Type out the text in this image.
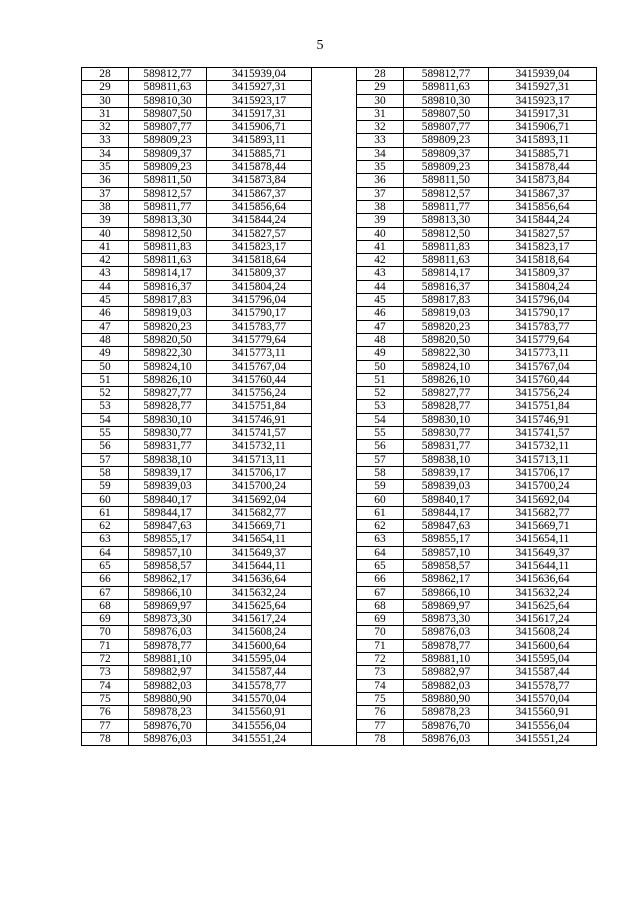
5
28	589812,77	3415939,04		28	589812,77	3415939,04
29	589811,63	3415927,31		29	589811,63	3415927,31
30	589810,30	3415923,17		30	589810,30	3415923,17
31	589807,50	3415917,31		31	589807,50	3415917,31
32	589807,77	3415906,71		32	589807,77	3415906,71
33	589809,23	3415893,11		33	589809,23	3415893,11
34	589809,37	3415885,71		34	589809,37	3415885,71
35	589809,23	3415878,44		35	589809,23	3415878,44
36	589811,50	3415873,84		36	589811,50	3415873,84
37	589812,57	3415867,37		37	589812,57	3415867,37
38	589811,77	3415856,64		38	589811,77	3415856,64
39	589813,30	3415844,24		39	589813,30	3415844,24
40	589812,50	3415827,57		40	589812,50	3415827,57
41	589811,83	3415823,17		41	589811,83	3415823,17
42	589811,63	3415818,64		42	589811,63	3415818,64
43	589814,17	3415809,37		43	589814,17	3415809,37
44	589816,37	3415804,24		44	589816,37	3415804,24
45	589817,83	3415796,04		45	589817,83	3415796,04
46	589819,03	3415790,17		46	589819,03	3415790,17
47	589820,23	3415783,77		47	589820,23	3415783,77
48	589820,50	3415779,64		48	589820,50	3415779,64
49	589822,30	3415773,11		49	589822,30	3415773,11
50	589824,10	3415767,04		50	589824,10	3415767,04
51	589826,10	3415760,44		51	589826,10	3415760,44
52	589827,77	3415756,24		52	589827,77	3415756,24
53	589828,77	3415751,84		53	589828,77	3415751,84
54	589830,10	3415746,91		54	589830,10	3415746,91
55	589830,77	3415741,57		55	589830,77	3415741,57
56	589831,77	3415732,11		56	589831,77	3415732,11
57	589838,10	3415713,11		57	589838,10	3415713,11
58	589839,17	3415706,17		58	589839,17	3415706,17
59	589839,03	3415700,24		59	589839,03	3415700,24
60	589840,17	3415692,04		60	589840,17	3415692,04
61	589844,17	3415682,77		61	589844,17	3415682,77
62	589847,63	3415669,71		62	589847,63	3415669,71
63	589855,17	3415654,11		63	589855,17	3415654,11
64	589857,10	3415649,37		64	589857,10	3415649,37
65	589858,57	3415644,11		65	589858,57	3415644,11
66	589862,17	3415636,64		66	589862,17	3415636,64
67	589866,10	3415632,24		67	589866,10	3415632,24
68	589869,97	3415625,64		68	589869,97	3415625,64
69	589873,30	3415617,24		69	589873,30	3415617,24
70	589876,03	3415608,24		70	589876,03	3415608,24
71	589878,77	3415600,64		71	589878,77	3415600,64
72	589881,10	3415595,04		72	589881,10	3415595,04
73	589882,97	3415587,44		73	589882,97	3415587,44
74	589882,03	3415578,77		74	589882,03	3415578,77
75	589880,90	3415570,04		75	589880,90	3415570,04
76	589878,23	3415560,91		76	589878,23	3415560,91
77	589876,70	3415556,04		77	589876,70	3415556,04
78	589876,03	3415551,24		78	589876,03	3415551,24
